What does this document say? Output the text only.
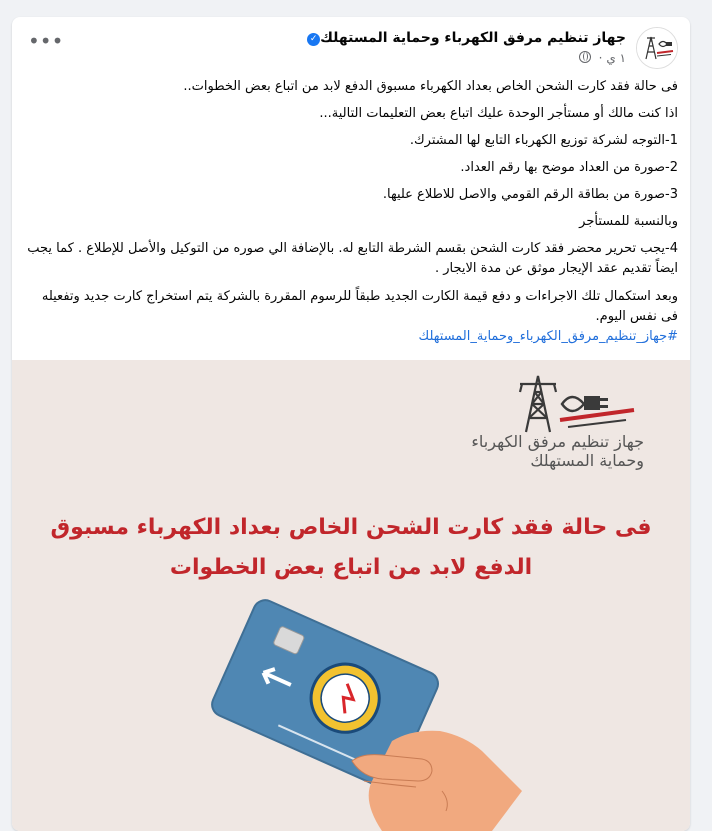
جهاز تنظيم مرفق الكهرباء وحماية المستهلك✓
١ ي ·
•••

فى حالة فقد كارت الشحن الخاص بعداد الكهرباء مسبوق الدفع لابد من اتباع بعض الخطوات..

اذا كنت مالك أو مستأجر الوحدة عليك اتباع بعض التعليمات التالية...

1-التوجه لشركة توزيع الكهرباء التابع لها المشترك.

2-صورة من العداد موضح بها رقم العداد.

3-صورة من بطاقة الرقم القومي والاصل للاطلاع عليها.

وبالنسبة للمستأجر

4-يجب تحرير محضر فقد كارت الشحن بقسم الشرطة التابع له. بالإضافة الي صوره من التوكيل والأصل للإطلاع . كما يجب ايضاً تقديم عقد الإيجار موثق عن مدة الايجار .

وبعد استكمال تلك الاجراءات و دفع قيمة الكارت الجديد طبقاً للرسوم المقررة بالشركة يتم استخراج كارت جديد وتفعيله فى نفس اليوم.

#جهاز_تنظيم_مرفق_الكهرباء_وحماية_المستهلك

جهاز تنظيم مرفق الكهرباء
وحماية المستهلك
فى حالة فقد كارت الشحن الخاص بعداد الكهرباء مسبوق
الدفع لابد من اتباع بعض الخطوات
